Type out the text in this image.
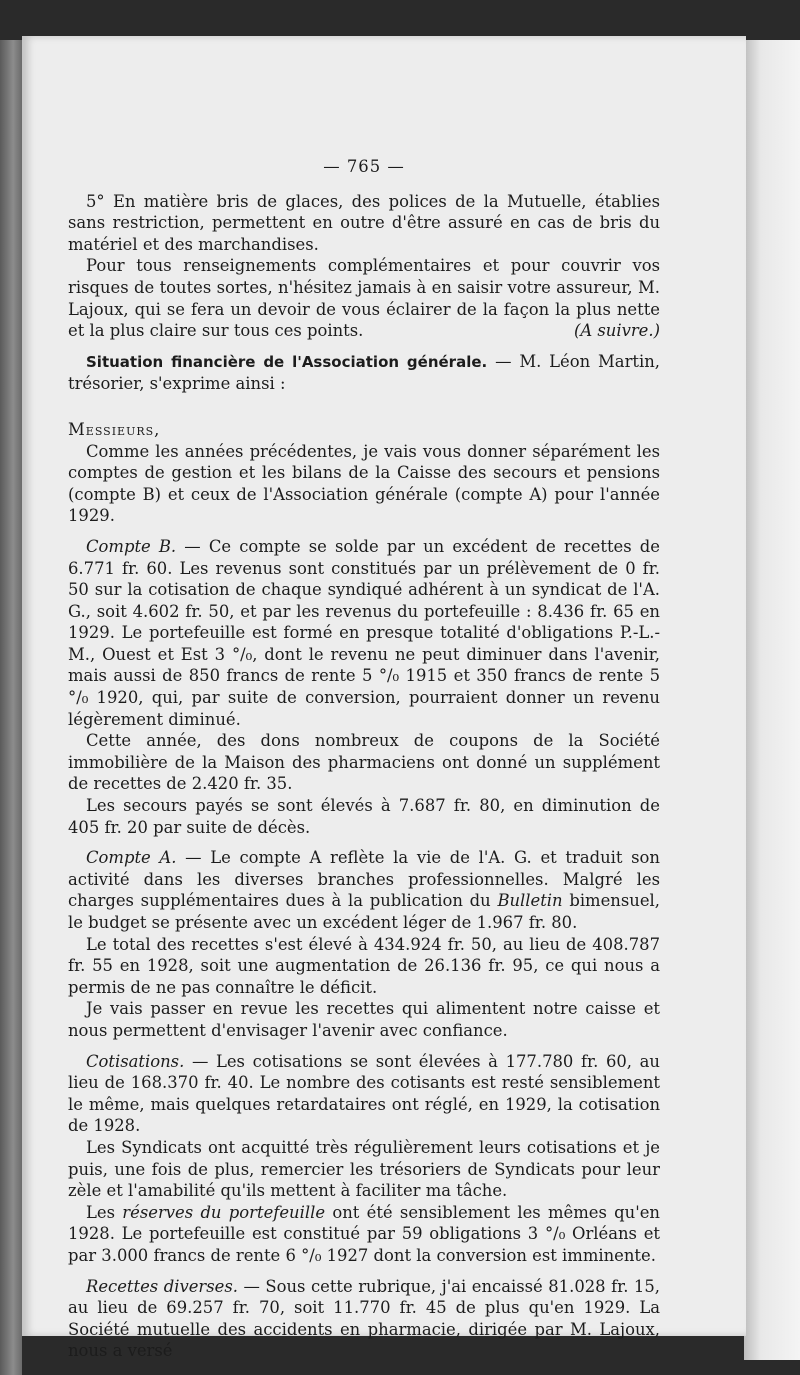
— 765 —

5° En matière bris de glaces, des polices de la Mutuelle, établies sans restriction, permettent en outre d'être assuré en cas de bris du matériel et des marchandises.

Pour tous renseignements complémentaires et pour couvrir vos risques de toutes sortes, n'hésitez jamais à en saisir votre assureur, M. Lajoux, qui se fera un devoir de vous éclairer de la façon la plus nette et la plus claire sur tous ces points.	(A suivre.)

Situation financière de l'Association générale. — M. Léon Martin, trésorier, s'exprime ainsi :

Messieurs,

Comme les années précédentes, je vais vous donner séparément les comptes de gestion et les bilans de la Caisse des secours et pensions (compte B) et ceux de l'Association générale (compte A) pour l'année 1929.

Compte B. — Ce compte se solde par un excédent de recettes de 6.771 fr. 60. Les revenus sont constitués par un prélèvement de 0 fr. 50 sur la cotisation de chaque syndiqué adhérent à un syndicat de l'A. G., soit 4.602 fr. 50, et par les revenus du portefeuille : 8.436 fr. 65 en 1929. Le portefeuille est formé en presque totalité d'obligations P.-L.-M., Ouest et Est 3 °/₀, dont le revenu ne peut diminuer dans l'avenir, mais aussi de 850 francs de rente 5 °/₀ 1915 et 350 francs de rente 5 °/₀ 1920, qui, par suite de conversion, pourraient donner un revenu légèrement diminué.

Cette année, des dons nombreux de coupons de la Société immobilière de la Maison des pharmaciens ont donné un supplément de recettes de 2.420 fr. 35.

Les secours payés se sont élevés à 7.687 fr. 80, en diminution de 405 fr. 20 par suite de décès.

Compte A. — Le compte A reflète la vie de l'A. G. et traduit son activité dans les diverses branches professionnelles. Malgré les charges supplémentaires dues à la publication du Bulletin bimensuel, le budget se présente avec un excédent léger de 1.967 fr. 80.

Le total des recettes s'est élevé à 434.924 fr. 50, au lieu de 408.787 fr. 55 en 1928, soit une augmentation de 26.136 fr. 95, ce qui nous a permis de ne pas connaître le déficit.

Je vais passer en revue les recettes qui alimentent notre caisse et nous permettent d'envisager l'avenir avec confiance.

Cotisations. — Les cotisations se sont élevées à 177.780 fr. 60, au lieu de 168.370 fr. 40. Le nombre des cotisants est resté sensiblement le même, mais quelques retardataires ont réglé, en 1929, la cotisation de 1928.

Les Syndicats ont acquitté très régulièrement leurs cotisations et je puis, une fois de plus, remercier les trésoriers de Syndicats pour leur zèle et l'amabilité qu'ils mettent à faciliter ma tâche.

Les réserves du portefeuille ont été sensiblement les mêmes qu'en 1928. Le portefeuille est constitué par 59 obligations 3 °/₀ Orléans et par 3.000 francs de rente 6 °/₀ 1927 dont la conversion est imminente.

Recettes diverses. — Sous cette rubrique, j'ai encaissé 81.028 fr. 15, au lieu de 69.257 fr. 70, soit 11.770 fr. 45 de plus qu'en 1929. La Société mutuelle des accidents en pharmacie, dirigée par M. Lajoux, nous a versé
